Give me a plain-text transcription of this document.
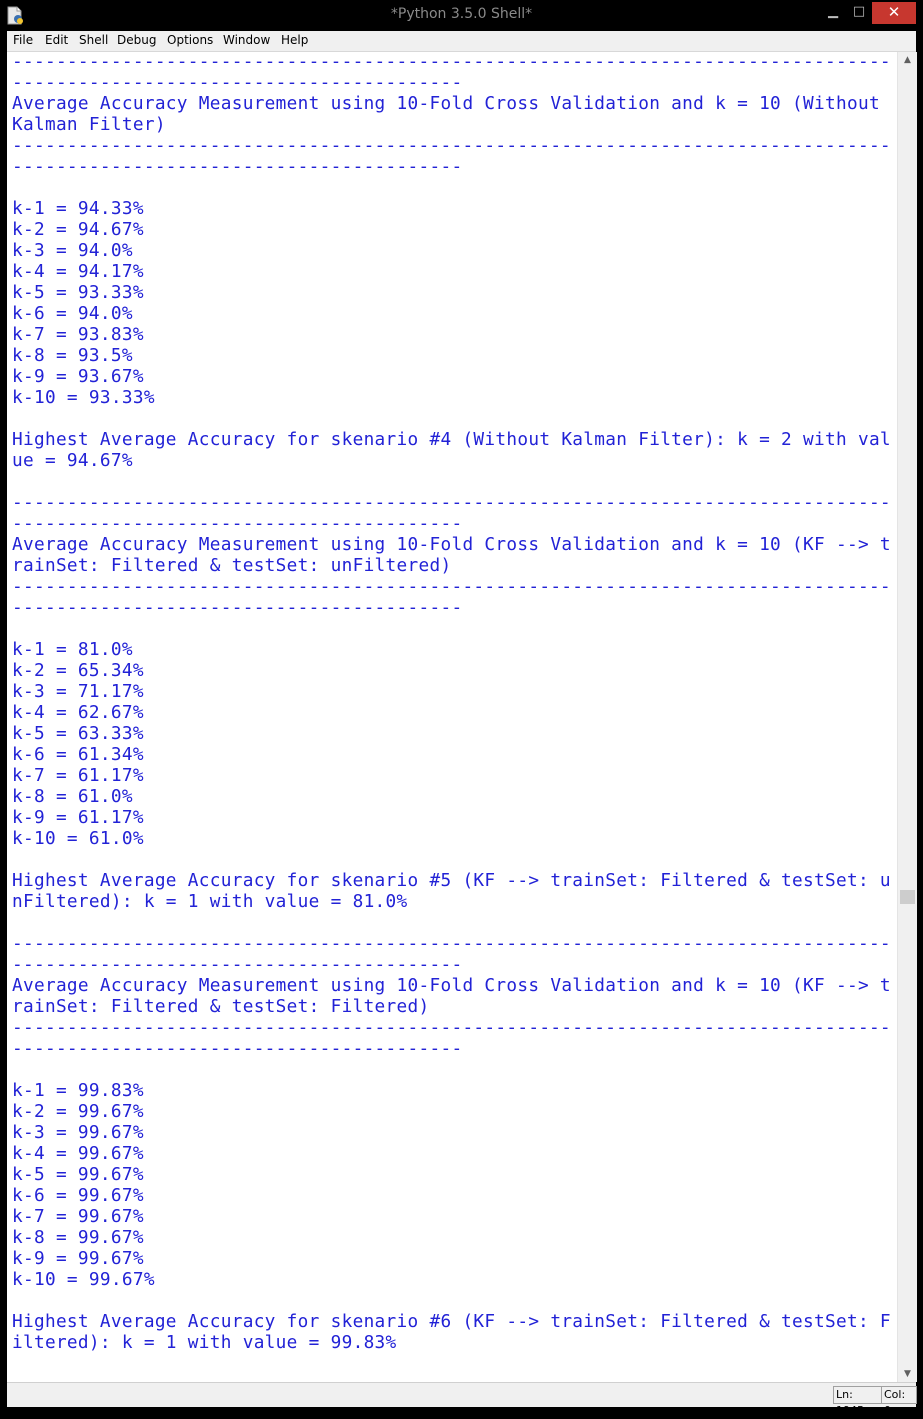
*Python 3.5.0 Shell*	▁	□	✕
File Edit Shell Debug Options Window Help
--------------------------------------------------------------------------------
-----------------------------------------
Average Accuracy Measurement using 10-Fold Cross Validation and k = 10 (Without
Kalman Filter)
--------------------------------------------------------------------------------
-----------------------------------------

k-1 = 94.33%
k-2 = 94.67%
k-3 = 94.0%
k-4 = 94.17%
k-5 = 93.33%
k-6 = 94.0%
k-7 = 93.83%
k-8 = 93.5%
k-9 = 93.67%
k-10 = 93.33%

Highest Average Accuracy for skenario #4 (Without Kalman Filter): k = 2 with val
ue = 94.67%

--------------------------------------------------------------------------------
-----------------------------------------
Average Accuracy Measurement using 10-Fold Cross Validation and k = 10 (KF --> t
rainSet: Filtered & testSet: unFiltered)
--------------------------------------------------------------------------------
-----------------------------------------

k-1 = 81.0%
k-2 = 65.34%
k-3 = 71.17%
k-4 = 62.67%
k-5 = 63.33%
k-6 = 61.34%
k-7 = 61.17%
k-8 = 61.0%
k-9 = 61.17%
k-10 = 61.0%

Highest Average Accuracy for skenario #5 (KF --> trainSet: Filtered & testSet: u
nFiltered): k = 1 with value = 81.0%

--------------------------------------------------------------------------------
-----------------------------------------
Average Accuracy Measurement using 10-Fold Cross Validation and k = 10 (KF --> t
rainSet: Filtered & testSet: Filtered)
--------------------------------------------------------------------------------
-----------------------------------------

k-1 = 99.83%
k-2 = 99.67%
k-3 = 99.67%
k-4 = 99.67%
k-5 = 99.67%
k-6 = 99.67%
k-7 = 99.67%
k-8 = 99.67%
k-9 = 99.67%
k-10 = 99.67%

Highest Average Accuracy for skenario #6 (KF --> trainSet: Filtered & testSet: F
iltered): k = 1 with value = 99.83%
▲
▼
Ln: 1945
Col: 0
